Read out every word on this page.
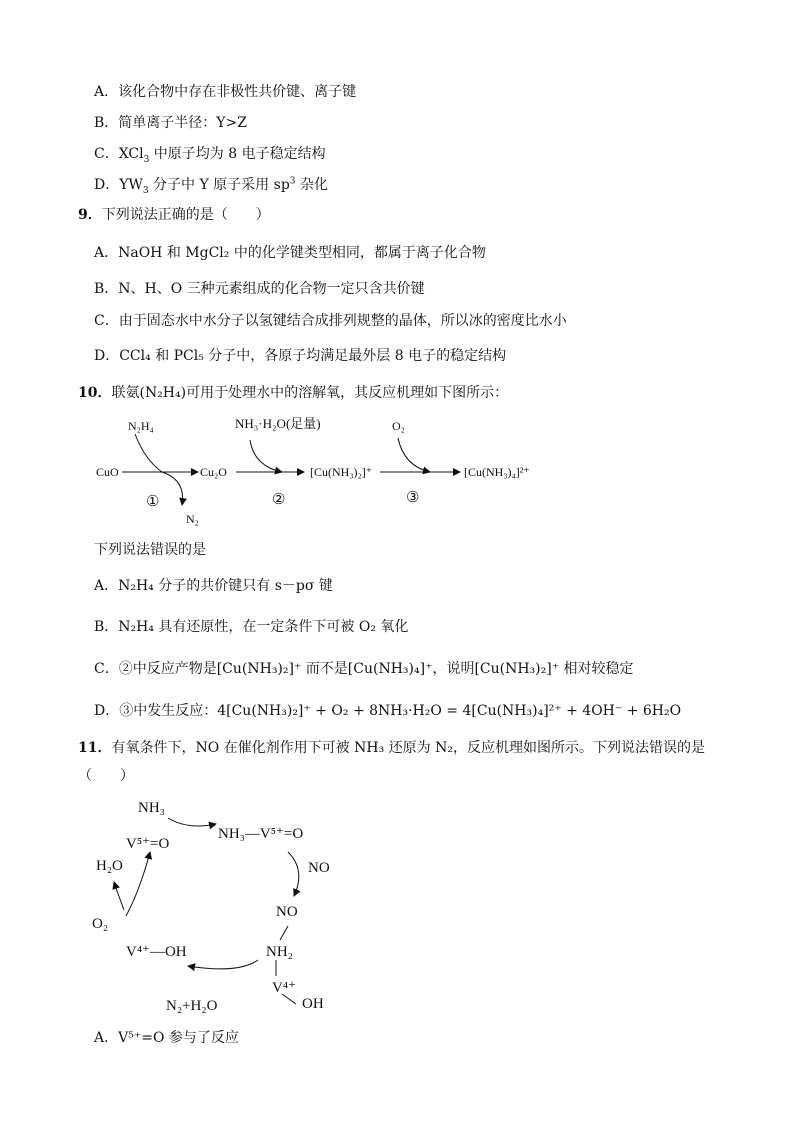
A．该化合物中存在非极性共价键、离子键
B．简单离子半径：Y>Z
C．XCl$_3$ 中原子均为 8 电子稳定结构
D．$YW_3$ 分子中 Y 原子采用 $sp^3$ 杂化
9．下列说法正确的是（　　）
A．NaOH 和 MgCl₂ 中的化学键类型相同，都属于离子化合物
B．N、H、O 三种元素组成的化合物一定只含共价键
C．由于固态水中水分子以氢键结合成排列规整的晶体，所以冰的密度比水小
D．CCl₄ 和 PCl₅ 分子中，各原子均满足最外层 8 电子的稳定结构
10．联氨(N₂H₄)可用于处理水中的溶解氧，其反应机理如下图所示：
CuO
N₂H₄
N₂
Cu₂O
NH₃·H₂O(足量)
[Cu(NH₃)₂]⁺
O₂
[Cu(NH₃)₄]²⁺
①	②	③
下列说法错误的是
A．N₂H₄ 分子的共价键只有 s－pσ 键
B．N₂H₄ 具有还原性，在一定条件下可被 O₂ 氧化
C．②中反应产物是[Cu(NH₃)₂]⁺ 而不是[Cu(NH₃)₄]⁺，说明[Cu(NH₃)₂]⁺ 相对较稳定
D．③中发生反应：4[Cu(NH₃)₂]⁺ + O₂ + 8NH₃·H₂O = 4[Cu(NH₃)₄]²⁺ + 4OH⁻ + 6H₂O
11．有氧条件下，NO 在催化剂作用下可被 NH₃ 还原为 N₂，反应机理如图所示。下列说法错误的是
（　　）
NH₃
V⁵⁺=O
NH₃—V⁵⁺=O
NO
NO
NH₂
V⁴⁺
OH
V⁴⁺—OH
N₂+H₂O
O₂
H₂O
A．V⁵⁺=O 参与了反应
